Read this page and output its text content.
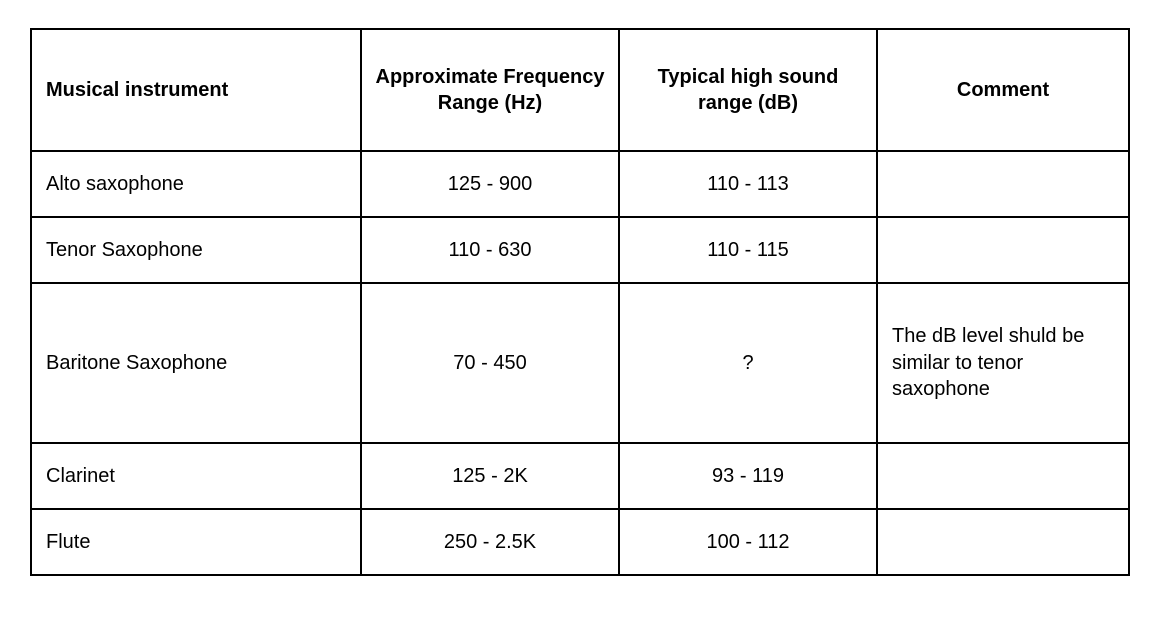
Musical instrument	Approximate Frequency Range (Hz)	Typical high sound range (dB)	Comment
Alto saxophone	125 - 900	110 - 113	
Tenor Saxophone	110 - 630	110 - 115	
Baritone Saxophone	70 - 450	?	The dB level shuld be similar to tenor saxophone

Clarinet	125 - 2K	93 - 119	
Flute	250 - 2.5K	100 - 112	
